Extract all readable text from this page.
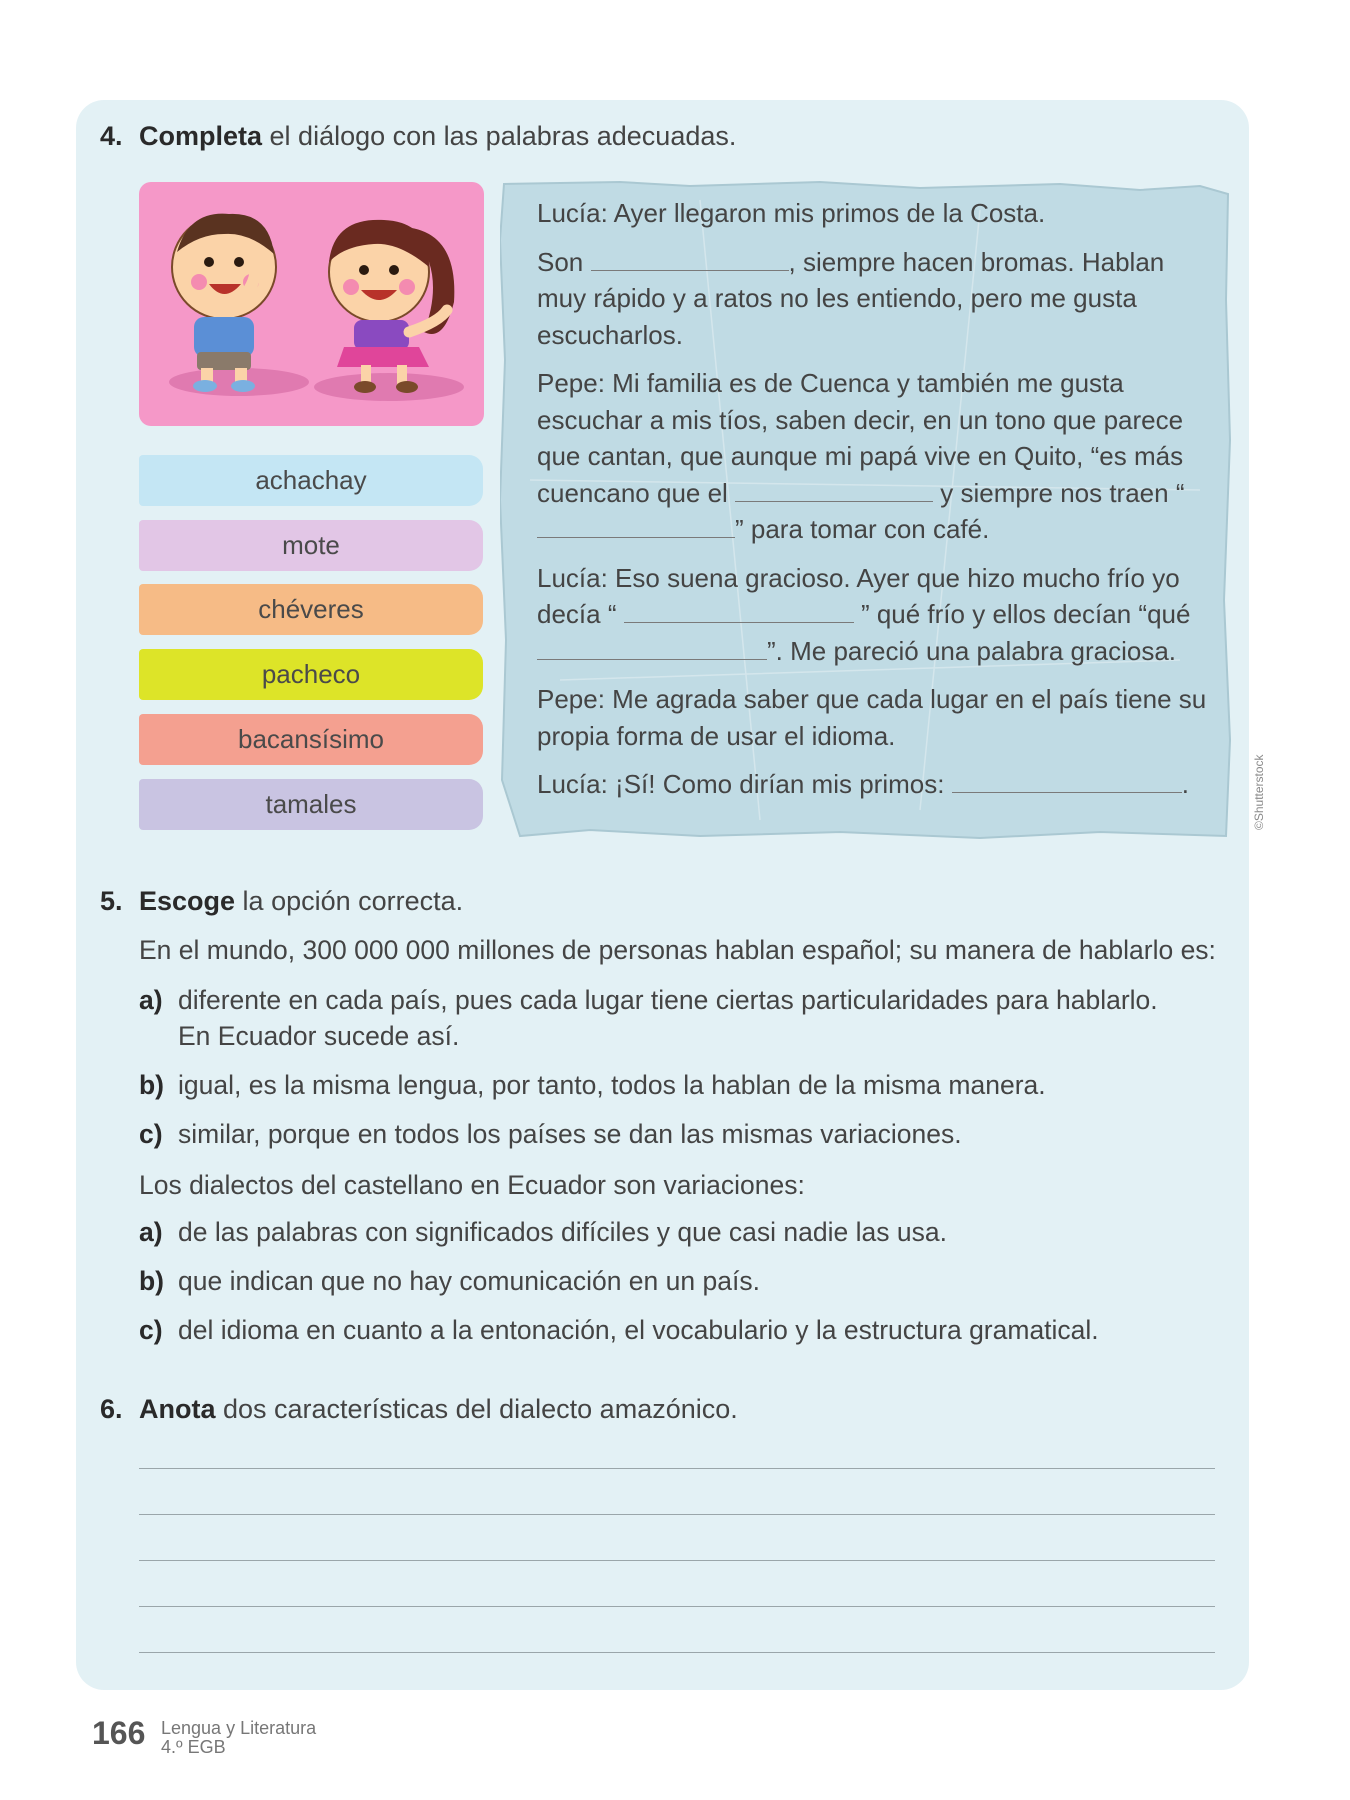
4. Completa el diálogo con las palabras adecuadas.
achachay
mote
chéveres
pacheco
bacansísimo
tamales

Lucía: Ayer llegaron mis primos de la Costa.

Son	, siempre hacen bromas. Hablan muy rápido y a ratos no les entiendo, pero me gusta escucharlos.

Pepe: Mi familia es de Cuenca y también me gusta escuchar a mis tíos, saben decir, en un tono que parece que cantan, que aunque mi papá vive en Quito, “es más cuencano que el	y siempre nos traen “” para tomar con café.

Lucía: Eso suena gracioso. Ayer que hizo mucho frío yo decía “	” qué frío y ellos decían “qué ”. Me pareció una palabra graciosa.

Pepe: Me agrada saber que cada lugar en el país tiene su propia forma de usar el idioma.

Lucía: ¡Sí! Como dirían mis primos:	.	©Shutterstock
5. Escoge la opción correcta.
En el mundo, 300 000 000 millones de personas hablan español; su manera de hablarlo es:
a) diferente en cada país, pues cada lugar tiene ciertas particularidades para hablarlo. En Ecuador sucede así.
b) igual, es la misma lengua, por tanto, todos la hablan de la misma manera.
c) similar, porque en todos los países se dan las mismas variaciones.
Los dialectos del castellano en Ecuador son variaciones:
a) de las palabras con significados difíciles y que casi nadie las usa.
b) que indican que no hay comunicación en un país.
c) del idioma en cuanto a la entonación, el vocabulario y la estructura gramatical.
6. Anota dos características del dialecto amazónico.
166 Lengua y Literatura
4.º EGB
